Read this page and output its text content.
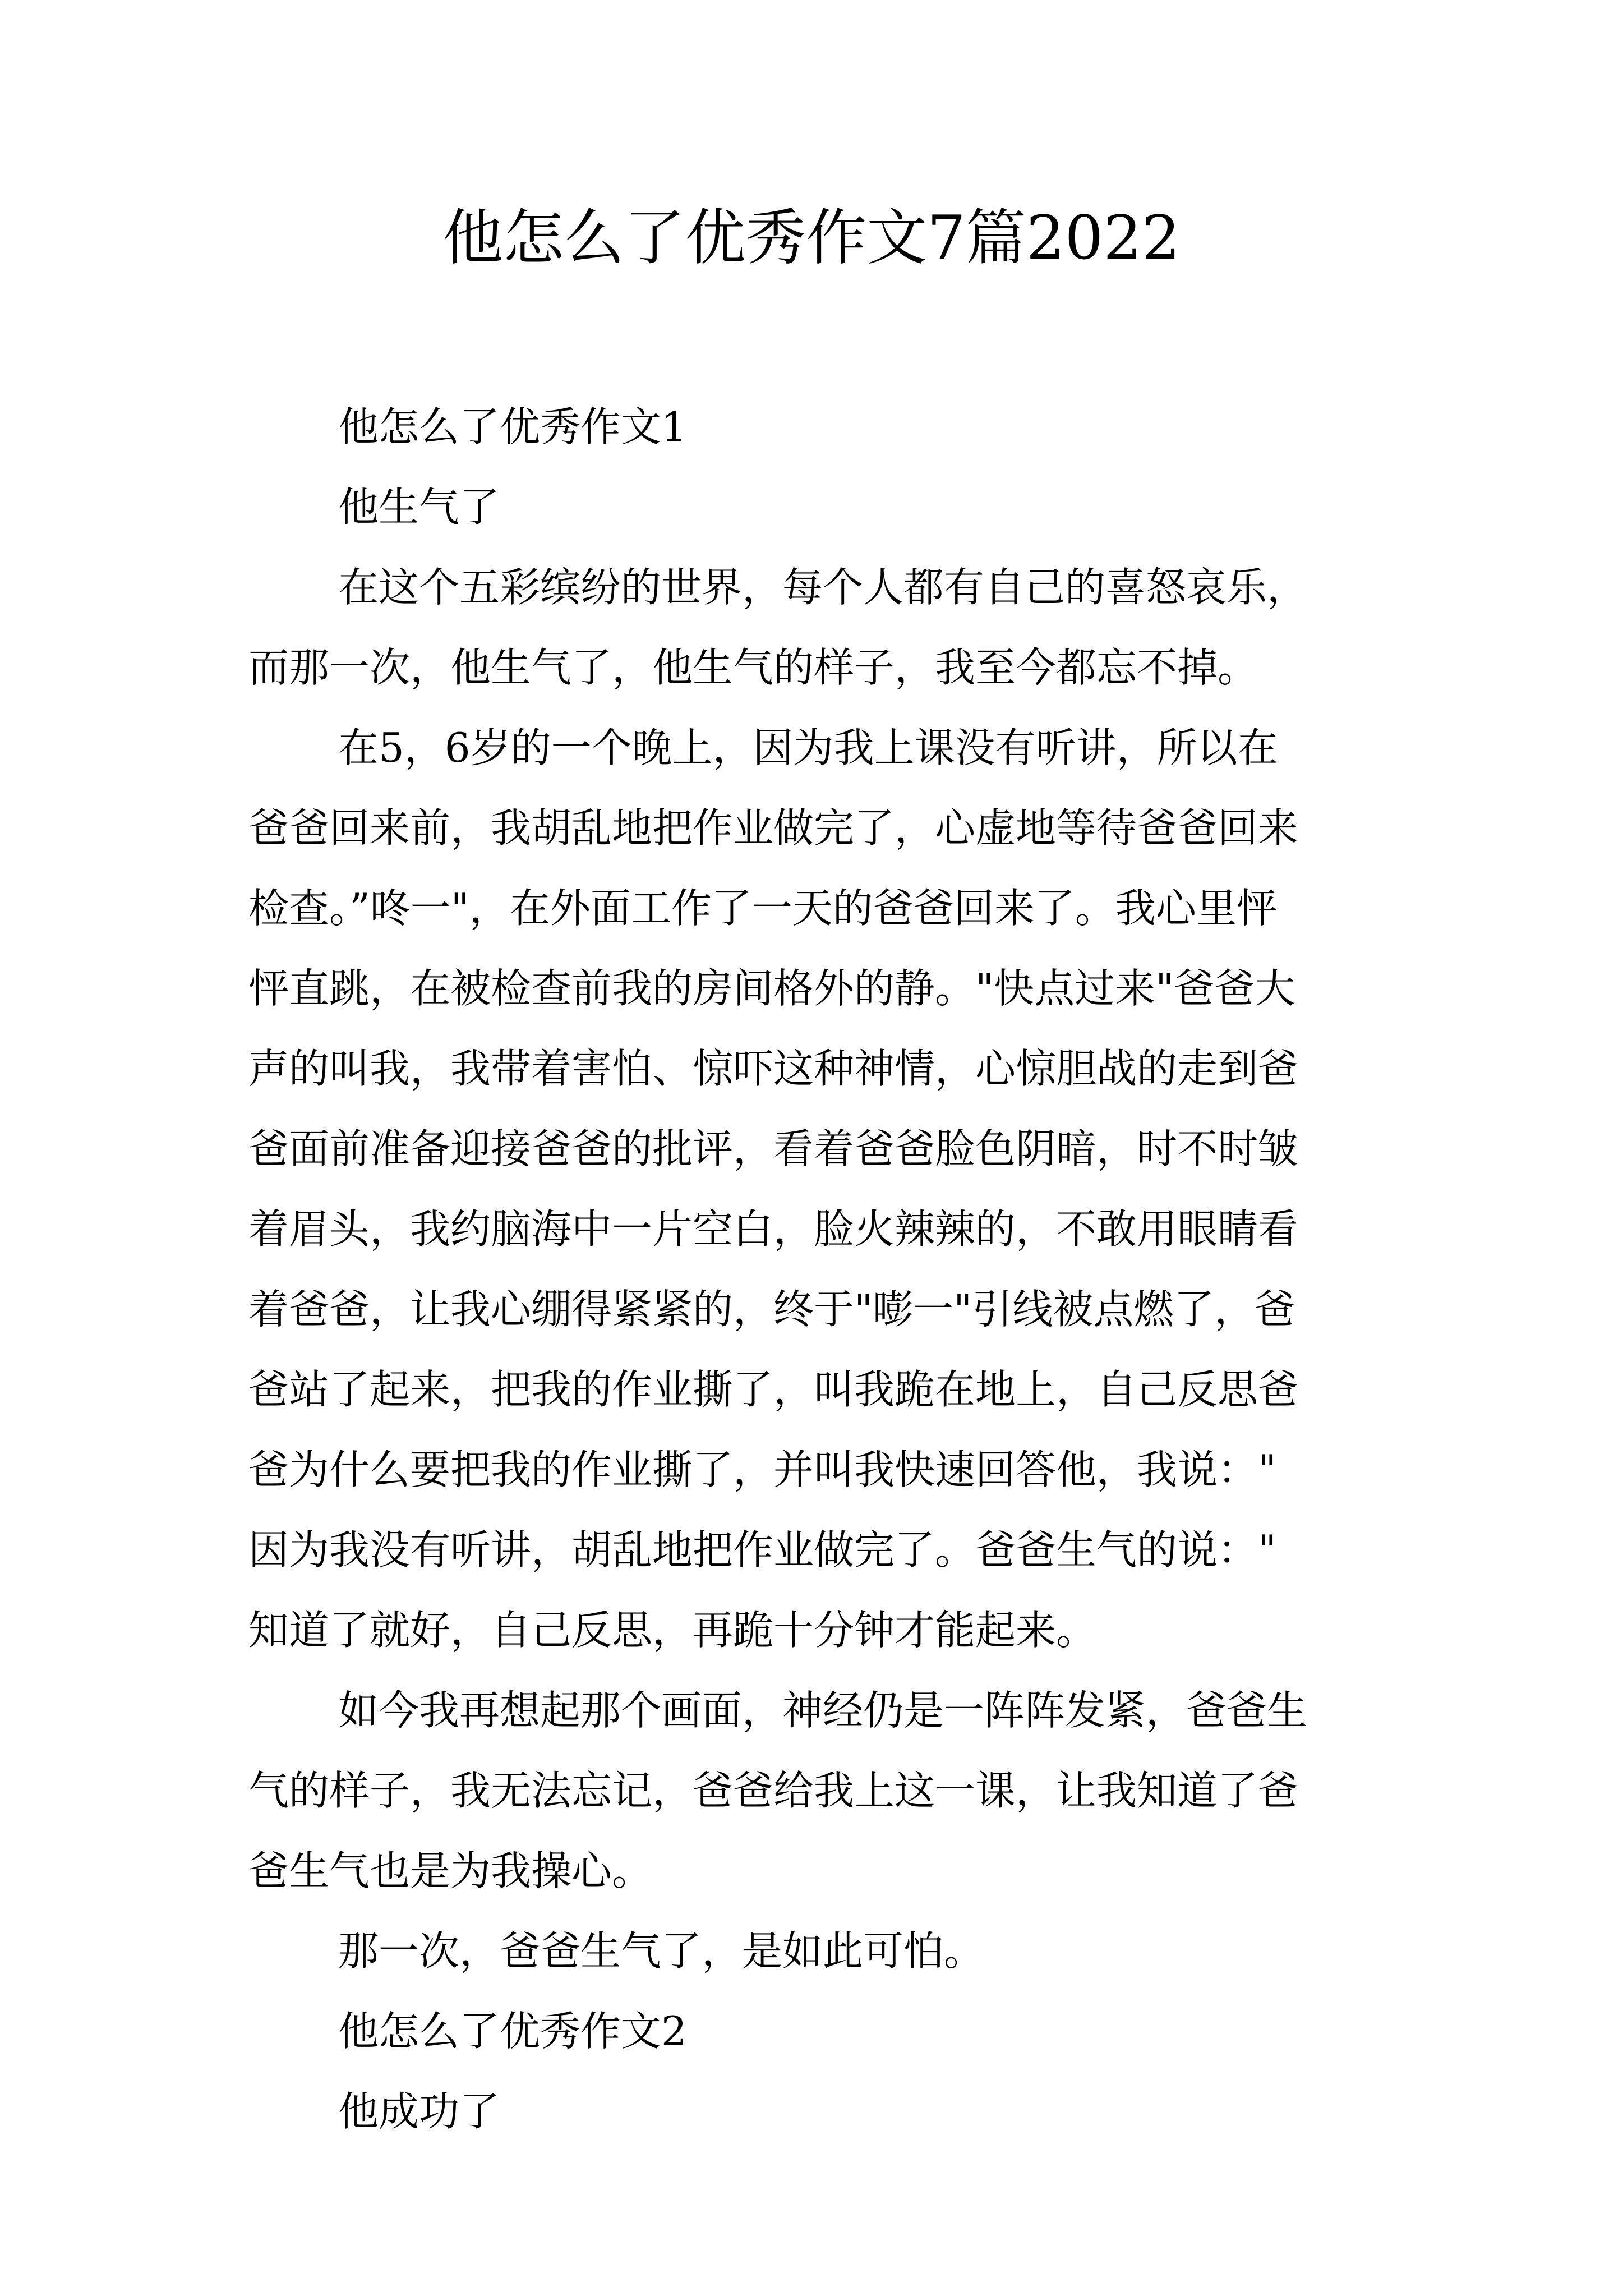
他怎么了优秀作文7篇2022

他怎么了优秀作文1

他生气了

在这个五彩缤纷的世界，每个人都有自己的喜怒哀乐，

而那一次，他生气了，他生气的样子，我至今都忘不掉。

在5，6岁的一个晚上，因为我上课没有听讲，所以在

爸爸回来前，我胡乱地把作业做完了，心虚地等待爸爸回来

检查。”咚一"，在外面工作了一天的爸爸回来了。我心里怦

怦直跳，在被检查前我的房间格外的静。"快点过来"爸爸大

声的叫我，我带着害怕、惊吓这种神情，心惊胆战的走到爸

爸面前准备迎接爸爸的批评，看着爸爸脸色阴暗，时不时皱

着眉头，我约脑海中一片空白，脸火辣辣的，不敢用眼睛看

着爸爸，让我心绷得紧紧的，终于"嘭一"引线被点燃了，爸

爸站了起来，把我的作业撕了，叫我跪在地上，自己反思爸

爸为什么要把我的作业撕了，并叫我快速回答他，我说："

因为我没有听讲，胡乱地把作业做完了。爸爸生气的说："

知道了就好，自己反思，再跪十分钟才能起来。

如今我再想起那个画面，神经仍是一阵阵发紧，爸爸生

气的样子，我无法忘记，爸爸给我上这一课，让我知道了爸

爸生气也是为我操心。

那一次，爸爸生气了，是如此可怕。

他怎么了优秀作文2

他成功了
